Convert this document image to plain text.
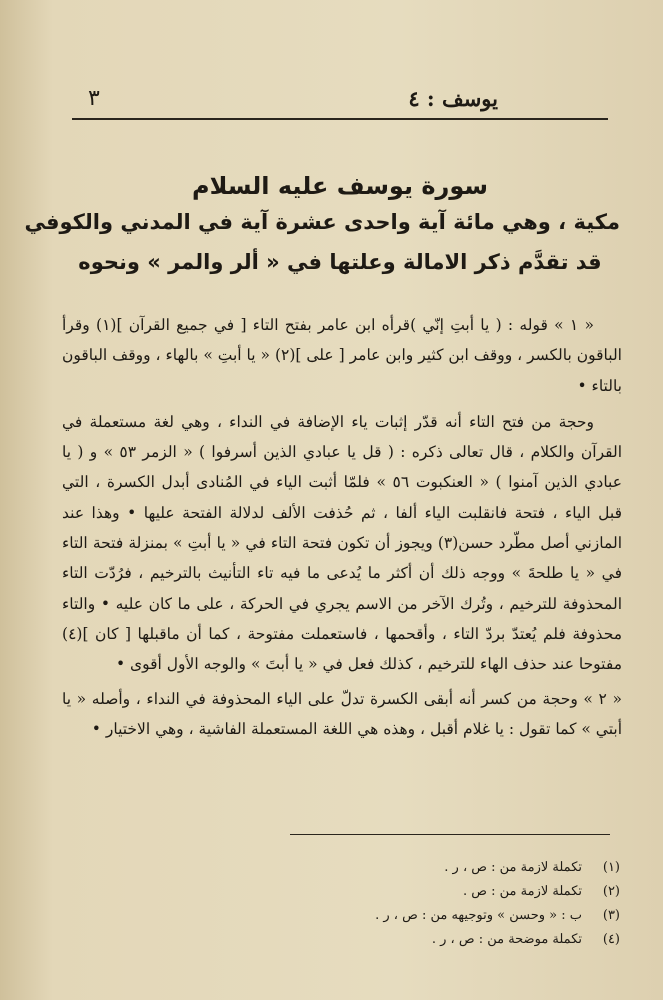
٣	يوسف : ٤
سورة يوسف عليه السلام
مكية ، وهي مائة آية واحدى عشرة آية في المدني والكوفي
قد تقدَّم ذكر الامالة وعلتها في « ألر والمر » ونحوه

« ١ » قوله : ( يا أبتِ إنّي )قرأه ابن عامر بفتح التاء [ في جميع القرآن ](١) وقرأ الباقون بالكسر ، ووقف ابن كثير وابن عامر [ على ](٢) « يا أبتِ » بالهاء ، ووقف الباقون بالتاء •

وحجة من فتح التاء أنه قدّر إثبات ياء الإضافة في النداء ، وهي لغة مستعملة في القرآن والكلام ، قال تعالى ذكره : ( قل يا عبادي الذين أسرفوا ) « الزمر ٥٣ » و ( يا عبادي الذين آمنوا ) « العنكبوت ٥٦ » فلمّا أثبت الياء في المُنادى أبدل الكسرة ، التي قبل الياء ، فتحة فانقلبت الياء ألفا ، ثم حُذفت الألف لدلالة الفتحة عليها • وهذا عند المازني أصل مطّرد حسن(٣) ويجوز أن تكون فتحة التاء في « يا أبتِ » بمنزلة فتحة التاء في « يا طلحةَ » ووجه ذلك أن أكثر ما يُدعى ما فيه تاء التأنيث بالترخيم ، فرُدّت التاء المحذوفة للترخيم ، وتُرك الآخر من الاسم يجري في الحركة ، على ما كان عليه • والتاء محذوفة فلم يُعتدّ بردّ التاء ، وأقحمها ، فاستعملت مفتوحة ، كما أن ماقبلها [ كان ](٤) مفتوحا عند حذف الهاء للترخيم ، كذلك فعل في « يا أبتَ » والوجه الأول أقوى •

« ٢ » وحجة من كسر أنه أبقى الكسرة تدلّ على الياء المحذوفة في النداء ، وأصله « يا أبتي » كما تقول : يا غلام أقبل ، وهذه هي اللغة المستعملة الفاشية ، وهي الاختيار •

(١)
تكملة لازمة من : ص ، ر .
(٢)
تكملة لازمة من : ص .
(٣)
ب : « وحسن » وتوجيهه من : ص ، ر .
(٤)
تكملة موضحة من : ص ، ر .
